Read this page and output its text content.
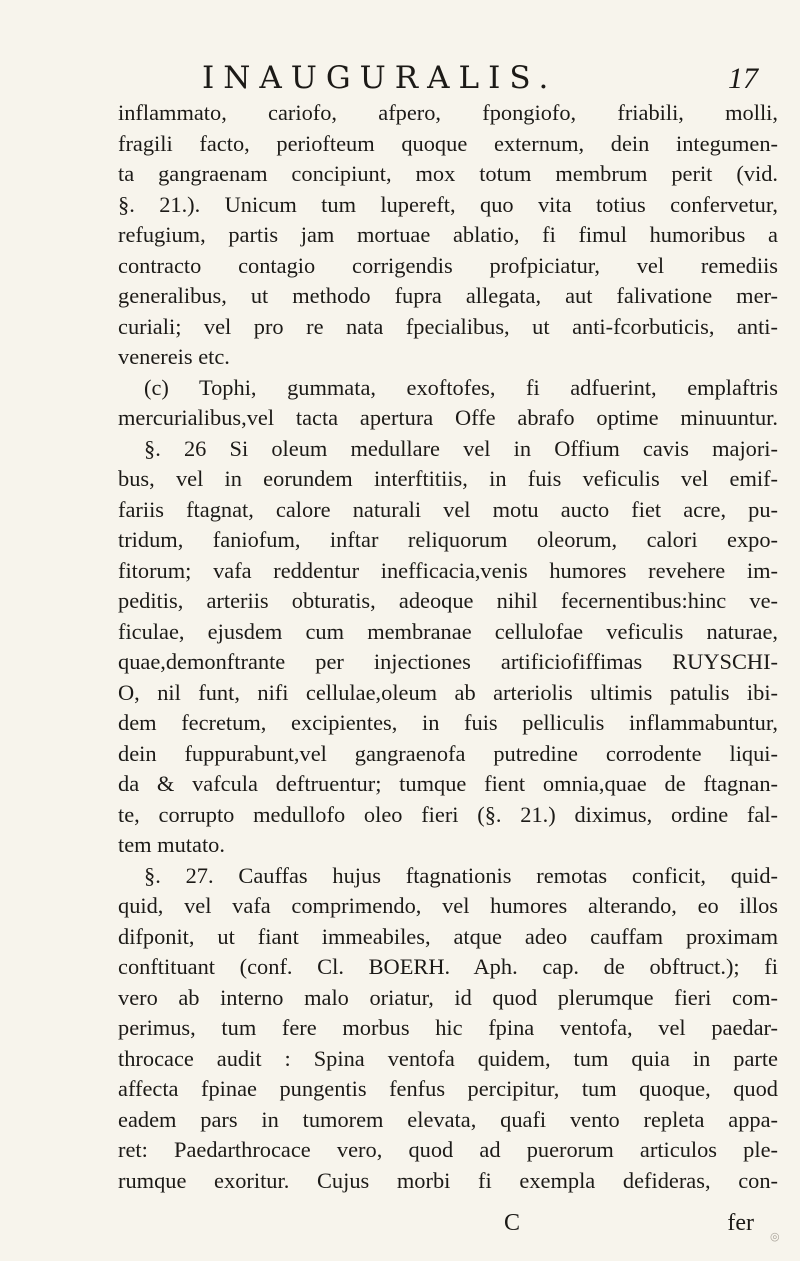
INAUGURALIS.	17
inflammato, cariofo, afpero, fpongiofo, friabili, molli,
fragili facto, periofteum quoque externum, dein integumen-
ta gangraenam concipiunt, mox totum membrum perit (vid.
§. 21.). Unicum tum lupereft, quo vita totius confervetur,
refugium, partis jam mortuae ablatio, fi fimul humoribus a
contracto contagio corrigendis profpiciatur, vel remediis
generalibus, ut methodo fupra allegata, aut falivatione mer-
curiali; vel pro re nata fpecialibus, ut anti-fcorbuticis, anti-
venereis etc.
(c) Tophi, gummata, exoftofes, fi adfuerint, emplaftris
mercurialibus,vel tacta apertura Offe abrafo optime minuuntur.
§. 26 Si oleum medullare vel in Offium cavis majori-
bus, vel in eorundem interftitiis, in fuis veficulis vel emif-
fariis ftagnat, calore naturali vel motu aucto fiet acre, pu-
tridum, faniofum, inftar reliquorum oleorum, calori expo-
fitorum; vafa reddentur inefficacia,venis humores revehere im-
peditis, arteriis obturatis, adeoque nihil fecernentibus:hinc ve-
ficulae, ejusdem cum membranae cellulofae veficulis naturae,
quae,demonftrante per injectiones artificiofiffimas RUYSCHI-
O, nil funt, nifi cellulae,oleum ab arteriolis ultimis patulis ibi-
dem fecretum, excipientes, in fuis pelliculis inflammabuntur,
dein fuppurabunt,vel gangraenofa putredine corrodente liqui-
da & vafcula deftruentur; tumque fient omnia,quae de ftagnan-
te, corrupto medullofo oleo fieri (§. 21.) diximus, ordine fal-
tem mutato.
§. 27. Cauffas hujus ftagnationis remotas conficit, quid-
quid, vel vafa comprimendo, vel humores alterando, eo illos
difponit, ut fiant immeabiles, atque adeo cauffam proximam
conftituant (conf. Cl. BOERH. Aph. cap. de obftruct.); fi
vero ab interno malo oriatur, id quod plerumque fieri com-
perimus, tum fere morbus hic fpina ventofa, vel paedar-
throcace audit : Spina ventofa quidem, tum quia in parte
affecta fpinae pungentis fenfus percipitur, tum quoque, quod
eadem pars in tumorem elevata, quafi vento repleta appa-
ret: Paedarthrocace vero, quod ad puerorum articulos ple-
rumque exoritur. Cujus morbi fi exempla defideras, con-
C	fer
◎
